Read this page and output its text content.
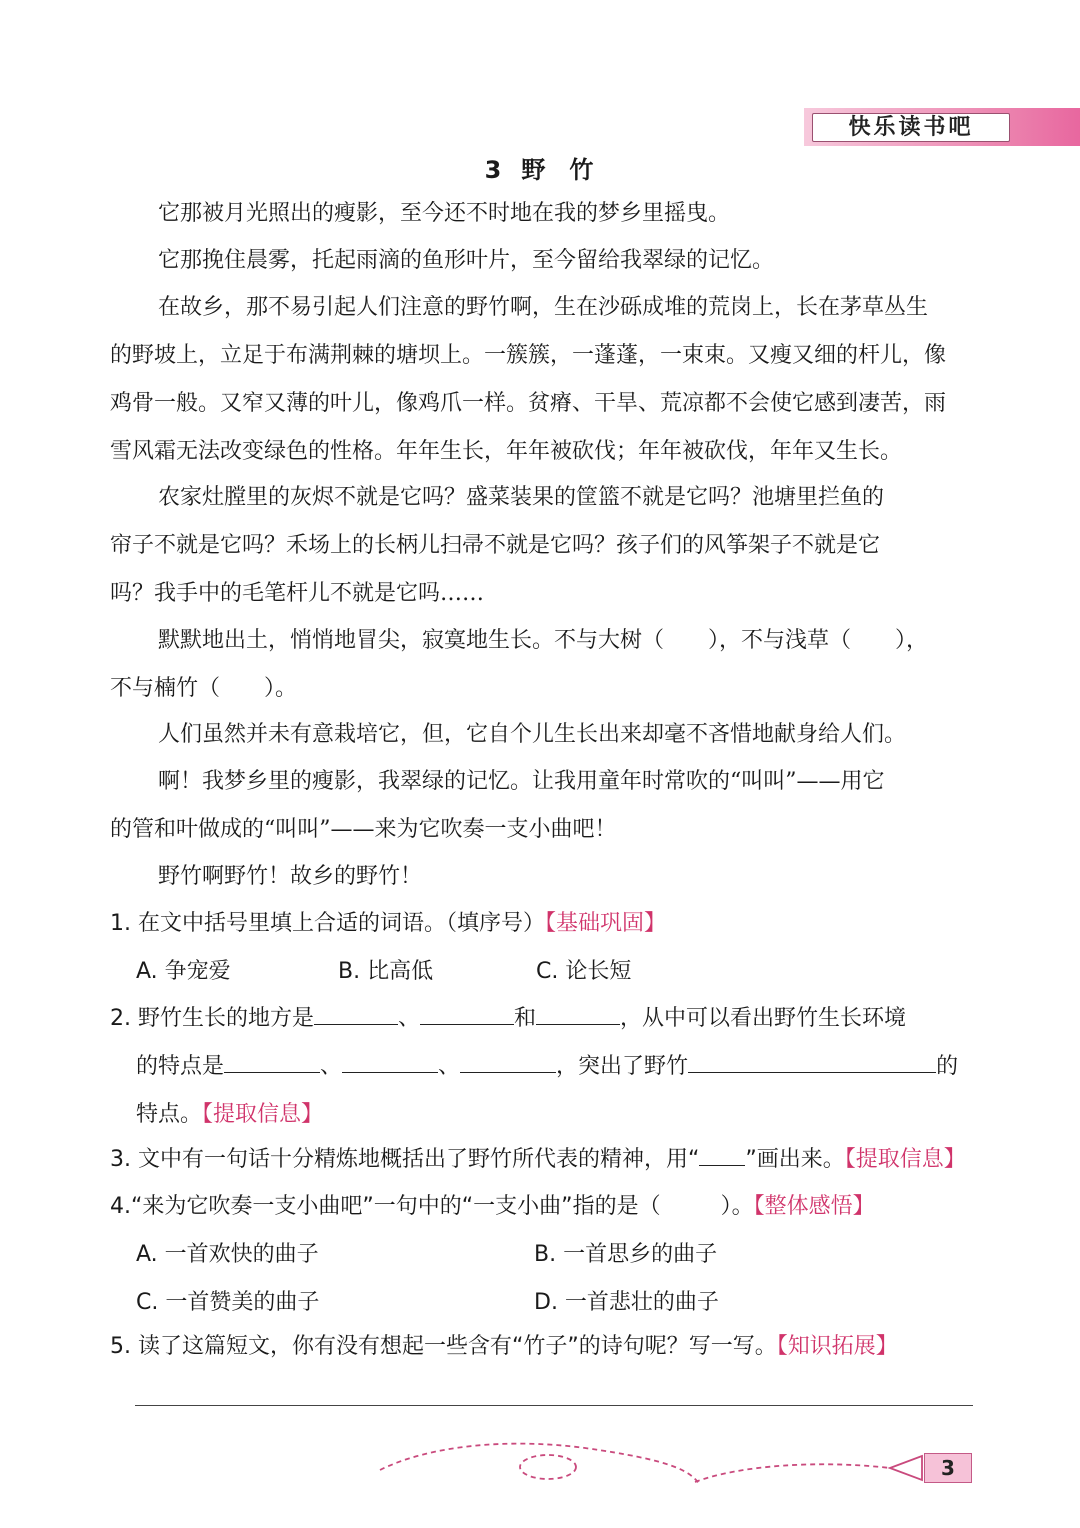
快乐读书吧
3 野 竹
它那被月光照出的瘦影，至今还不时地在我的梦乡里摇曳。
它那挽住晨雾，托起雨滴的鱼形叶片，至今留给我翠绿的记忆。
在故乡，那不易引起人们注意的野竹啊，生在沙砾成堆的荒岗上，长在茅草丛生
的野坡上，立足于布满荆棘的塘坝上。一簇簇，一蓬蓬，一束束。又瘦又细的杆儿，像
鸡骨一般。又窄又薄的叶儿，像鸡爪一样。贫瘠、干旱、荒凉都不会使它感到凄苦，雨
雪风霜无法改变绿色的性格。年年生长，年年被砍伐；年年被砍伐，年年又生长。
农家灶膛里的灰烬不就是它吗？盛菜装果的筐篮不就是它吗？池塘里拦鱼的
帘子不就是它吗？禾场上的长柄儿扫帚不就是它吗？孩子们的风筝架子不就是它
吗？我手中的毛笔杆儿不就是它吗……
默默地出土，悄悄地冒尖，寂寞地生长。不与大树（ ），不与浅草（ ），
不与楠竹（ ）。
人们虽然并未有意栽培它，但，它自个儿生长出来却毫不吝惜地献身给人们。
啊！我梦乡里的瘦影，我翠绿的记忆。让我用童年时常吹的“叫叫”——用它
的管和叶做成的“叫叫”——来为它吹奏一支小曲吧！
野竹啊野竹！故乡的野竹！
1. 在文中括号里填上合适的词语。（填序号）【基础巩固】
A. 争宠爱	B. 比高低	C. 论长短
2. 野竹生长的地方是	、	和	，从中可以看出野竹生长环境
的特点是	、	、	，突出了野竹	的
特点。【提取信息】
3. 文中有一句话十分精炼地概括出了野竹所代表的精神，用“ ”画出来。【提取信息】
4.“来为它吹奏一支小曲吧”一句中的“一支小曲”指的是（	）。【整体感悟】
A. 一首欢快的曲子	B. 一首思乡的曲子
C. 一首赞美的曲子	D. 一首悲壮的曲子
5. 读了这篇短文，你有没有想起一些含有“竹子”的诗句呢？写一写。【知识拓展】
3
